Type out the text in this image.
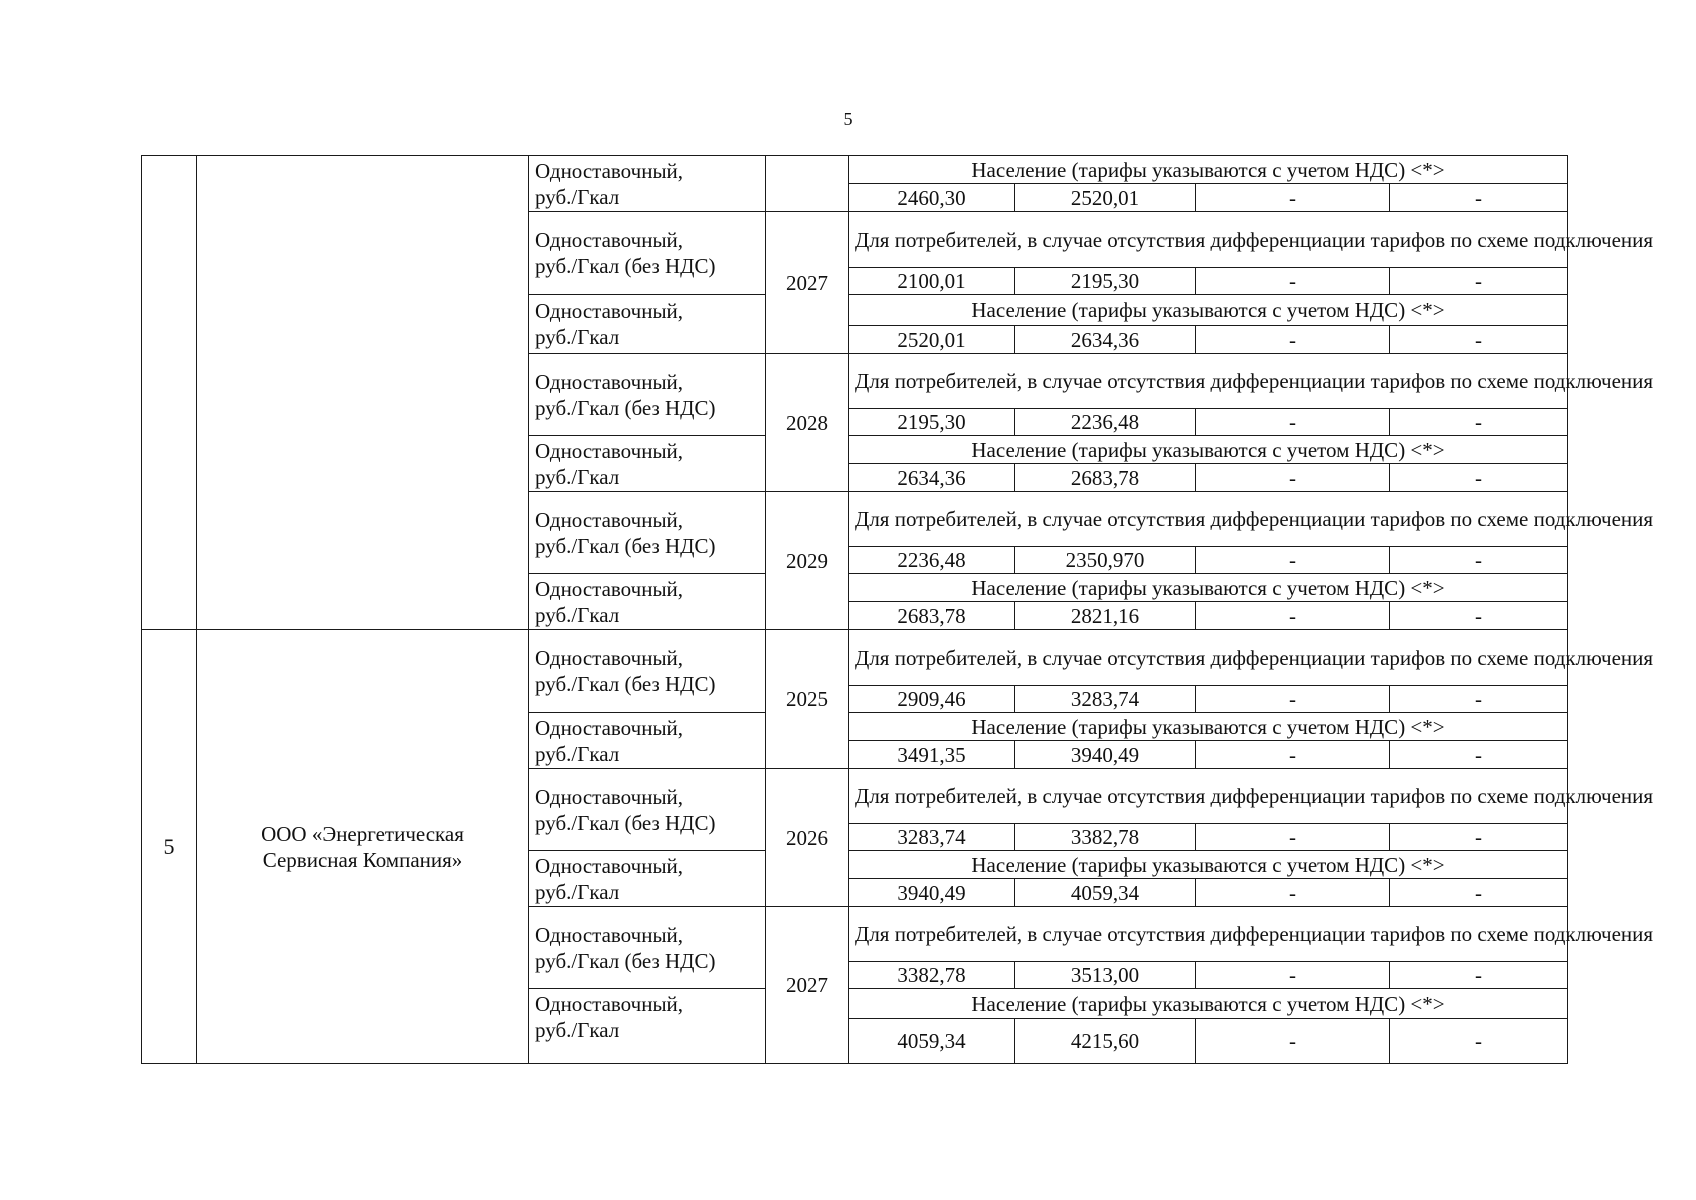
5

		Одноставочный,
руб./Гкал		Население (тарифы указываются с учетом НДС) <*>			
				2460,30	2520,01	-	-

		Одноставочный,
руб./Гкал (без НДС)	2027	Для потребителей, в случае отсутствия дифференциации тарифов по схеме подключения			
				2100,01	2195,30	-	-

		Одноставочный,
руб./Гкал		Население (тарифы указываются с учетом НДС) <*>			
				2520,01	2634,36	-	-

		Одноставочный,
руб./Гкал (без НДС)	2028	Для потребителей, в случае отсутствия дифференциации тарифов по схеме подключения			
				2195,30	2236,48	-	-

		Одноставочный,
руб./Гкал		Население (тарифы указываются с учетом НДС) <*>			
				2634,36	2683,78	-	-

		Одноставочный,
руб./Гкал (без НДС)	2029	Для потребителей, в случае отсутствия дифференциации тарифов по схеме подключения			
				2236,48	2350,970	-	-

		Одноставочный,
руб./Гкал		Население (тарифы указываются с учетом НДС) <*>			
				2683,78	2821,16	-	-
5	ООО «Энергетическая
Сервисная Компания»	Одноставочный,
руб./Гкал (без НДС)	2025	Для потребителей, в случае отсутствия дифференциации тарифов по схеме подключения			
				2909,46	3283,74	-	-

		Одноставочный,
руб./Гкал		Население (тарифы указываются с учетом НДС) <*>			
				3491,35	3940,49	-	-

		Одноставочный,
руб./Гкал (без НДС)	2026	Для потребителей, в случае отсутствия дифференциации тарифов по схеме подключения			
				3283,74	3382,78	-	-

		Одноставочный,
руб./Гкал		Население (тарифы указываются с учетом НДС) <*>			
				3940,49	4059,34	-	-

		Одноставочный,
руб./Гкал (без НДС)	2027	Для потребителей, в случае отсутствия дифференциации тарифов по схеме подключения			
				3382,78	3513,00	-	-

		Одноставочный,
руб./Гкал		Население (тарифы указываются с учетом НДС) <*>			
				4059,34	4215,60	-	-
